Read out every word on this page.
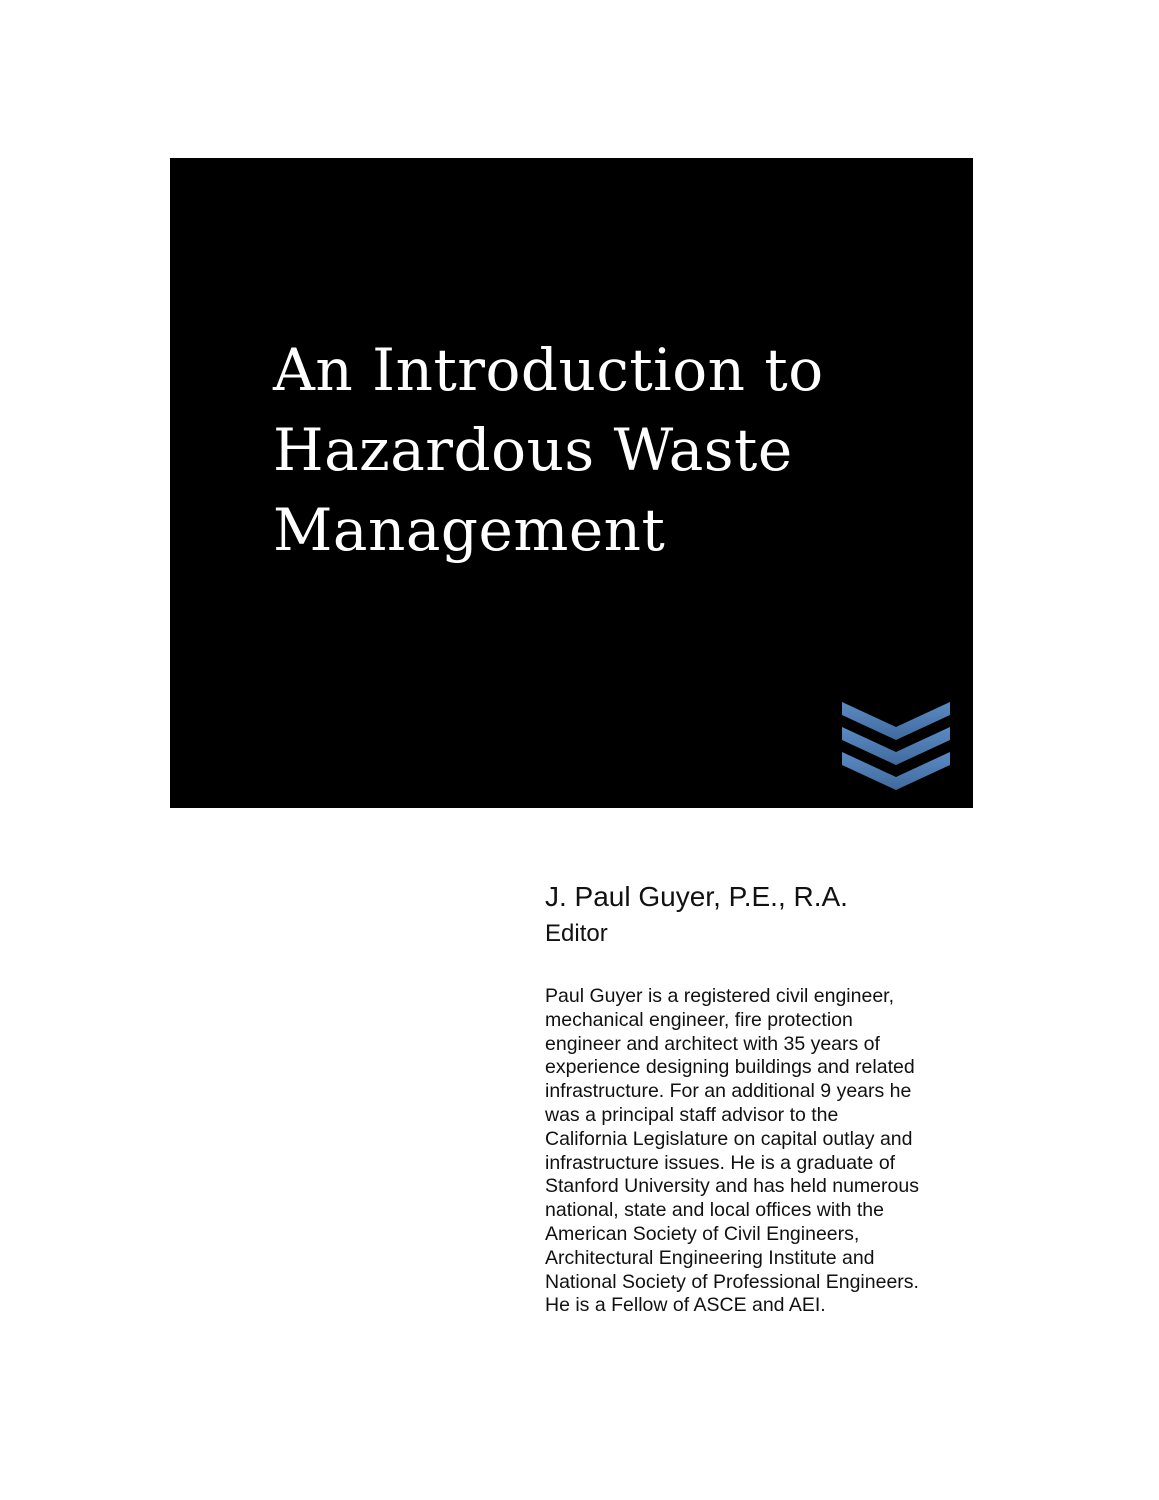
An Introduction to
Hazardous Waste
Management
J. Paul Guyer, P.E., R.A.
Editor
Paul Guyer is a registered civil engineer,
mechanical engineer, fire protection
engineer and architect with 35 years of
experience designing buildings and related
infrastructure. For an additional 9 years he
was a principal staff advisor to the
California Legislature on capital outlay and
infrastructure issues. He is a graduate of
Stanford University and has held numerous
national, state and local offices with the
American Society of Civil Engineers,
Architectural Engineering Institute and
National Society of Professional Engineers.
He is a Fellow of ASCE and AEI.
